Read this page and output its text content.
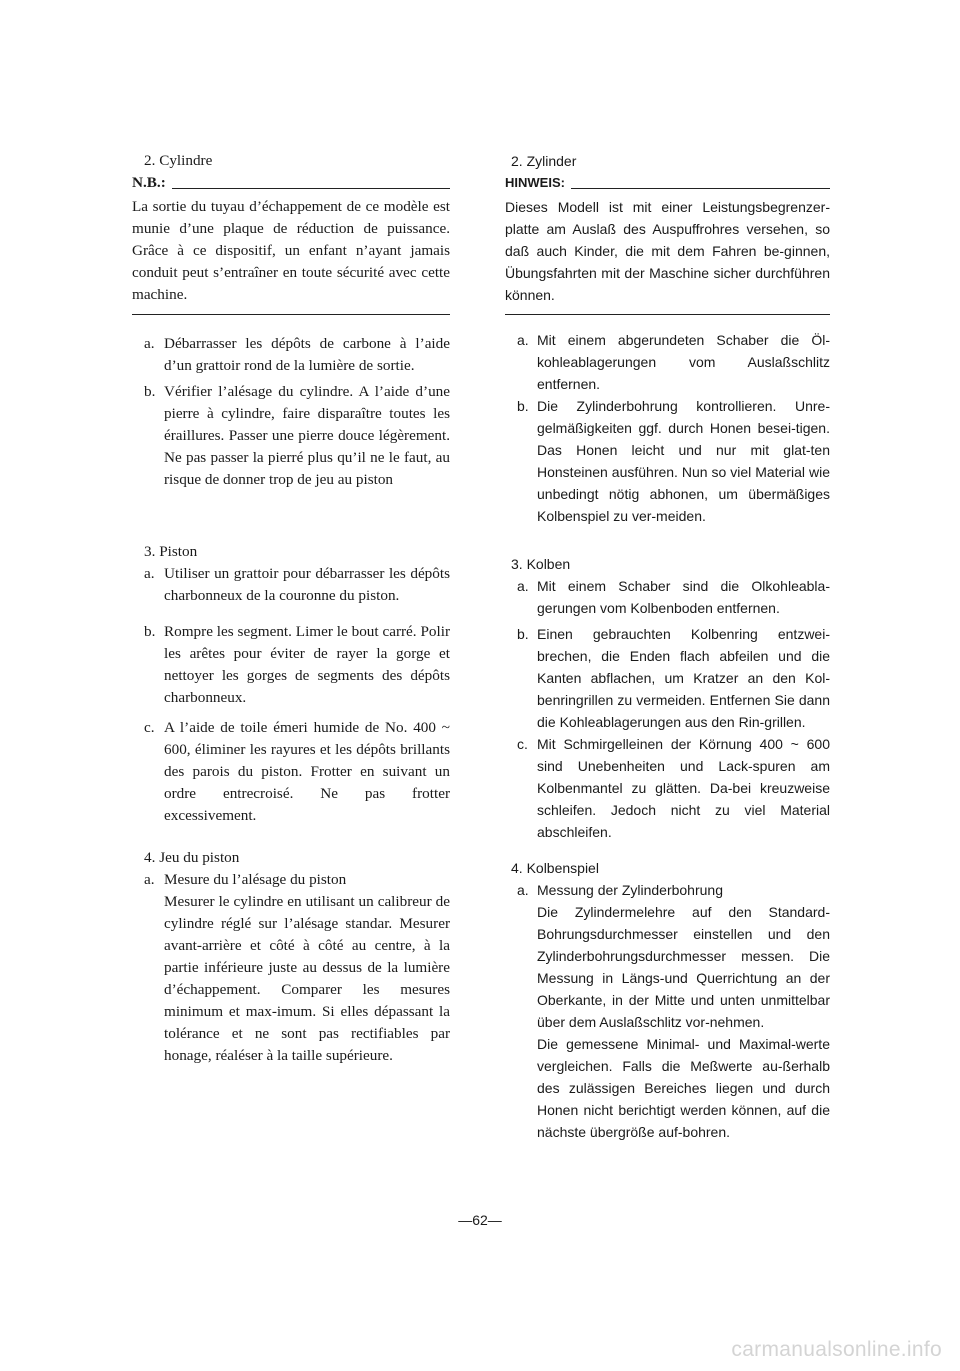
2. Cylindre
N.B.:
La sortie du tuyau d’échappement de ce modèle est munie d’une plaque de réduction de puissance. Grâce à ce dispositif, un enfant n’ayant jamais conduit peut s’entraîner en toute sécurité avec cette machine.
a. Débarrasser les dépôts de carbone à l’aide d’un grattoir rond de la lumière de sortie.
b. Vérifier l’alésage du cylindre. A l’aide d’une pierre à cylindre, faire disparaître toutes les éraillures. Passer une pierre douce légèrement. Ne pas passer la pierré plus qu’il ne le faut, au risque de donner trop de jeu au piston
3. Piston
a. Utiliser un grattoir pour débarrasser les dépôts charbonneux de la couronne du piston.
b. Rompre les segment. Limer le bout carré. Polir les arêtes pour éviter de rayer la gorge et nettoyer les gorges de segments des dépôts charbonneux.
c. A l’aide de toile émeri humide de No. 400 ~ 600, éliminer les rayures et les dépôts brillants des parois du piston. Frotter en suivant un ordre entrecroisé. Ne pas frotter excessivement.
4. Jeu du piston
a. Mesure du l’alésage du piston
Mesurer le cylindre en utilisant un calibreur de cylindre réglé sur l’alésage standar. Mesurer avant-arrière et côté à côté au centre, à la partie inférieure juste au dessus de la lumière d’échappement. Comparer les mesures minimum et max-imum. Si elles dépassant la tolérance et ne sont pas rectifiables par honage, réaléser à la taille supérieure.
2. Zylinder
HINWEIS:
Dieses Modell ist mit einer Leistungsbegrenzer-platte am Auslaß des Auspuffrohres versehen, so daß auch Kinder, die mit dem Fahren be-ginnen, Übungsfahrten mit der Maschine sicher durchführen können.
a. Mit einem abgerundeten Schaber die Öl-kohleablagerungen vom Auslaßschlitz entfernen.
b. Die Zylinderbohrung kontrollieren. Unre-gelmäßigkeiten ggf. durch Honen besei-tigen. Das Honen leicht und nur mit glat-ten Honsteinen ausführen. Nun so viel Material wie unbedingt nötig abhonen, um übermäßiges Kolbenspiel zu ver-meiden.
3. Kolben
a. Mit einem Schaber sind die Olkohleabla-gerungen vom Kolbenboden entfernen.
b. Einen gebrauchten Kolbenring entzwei-brechen, die Enden flach abfeilen und die Kanten abflachen, um Kratzer an den Kol-benringrillen zu vermeiden. Entfernen Sie dann die Kohleablagerungen aus den Rin-grillen.
c. Mit Schmirgelleinen der Körnung 400 ~ 600 sind Unebenheiten und Lack-spuren am Kolbenmantel zu glätten. Da-bei kreuzweise schleifen. Jedoch nicht zu viel Material abschleifen.
4. Kolbenspiel
a. Messung der Zylinderbohrung
Die Zylindermelehre auf den Standard-Bohrungsdurchmesser einstellen und den Zylinderbohrungsdurchmesser messen. Die Messung in Längs-und Querrichtung an der Oberkante, in der Mitte und unten unmittelbar über dem Auslaßschlitz vor-nehmen.
Die gemessene Minimal- und Maximal-werte vergleichen. Falls die Meßwerte au-ßerhalb des zulässigen Bereiches liegen und durch Honen nicht berichtigt werden können, auf die nächste übergröße auf-bohren.
—62—
carmanualsonline.info
